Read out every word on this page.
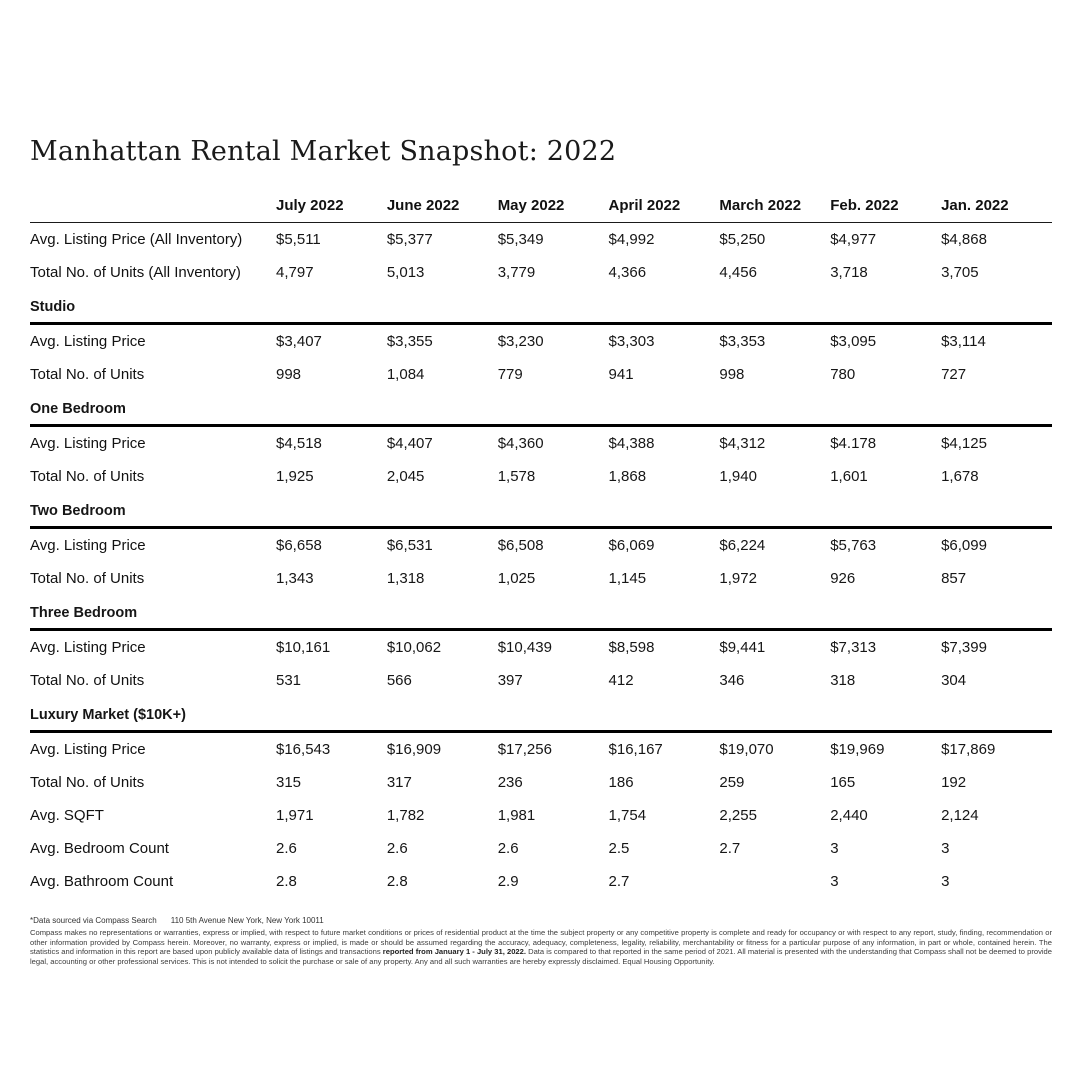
Manhattan Rental Market Snapshot: 2022
	July 2022	June 2022	May 2022	April 2022	March 2022	Feb. 2022	Jan. 2022
Avg. Listing Price (All Inventory)	$5,511	$5,377	$5,349	$4,992	$5,250	$4,977	$4,868
Total No. of Units (All Inventory)	4,797	5,013	3,779	4,366	4,456	3,718	3,705
Studio							
Avg. Listing Price	$3,407	$3,355	$3,230	$3,303	$3,353	$3,095	$3,114
Total No. of Units	998	1,084	779	941	998	780	727
One Bedroom							
Avg. Listing Price	$4,518	$4,407	$4,360	$4,388	$4,312	$4.178	$4,125
Total No. of Units	1,925	2,045	1,578	1,868	1,940	1,601	1,678
Two Bedroom							
Avg. Listing Price	$6,658	$6,531	$6,508	$6,069	$6,224	$5,763	$6,099
Total No. of Units	1,343	1,318	1,025	1,145	1,972	926	857
Three Bedroom							
Avg. Listing Price	$10,161	$10,062	$10,439	$8,598	$9,441	$7,313	$7,399
Total No. of Units	531	566	397	412	346	318	304
Luxury Market ($10K+)							
Avg. Listing Price	$16,543	$16,909	$17,256	$16,167	$19,070	$19,969	$17,869
Total No. of Units	315	317	236	186	259	165	192
Avg. SQFT	1,971	1,782	1,981	1,754	2,255	2,440	2,124
Avg. Bedroom Count	2.6	2.6	2.6	2.5	2.7	3	3
Avg. Bathroom Count	2.8	2.8	2.9	2.7		3	3
*Data sourced via Compass Search 110 5th Avenue New York, New York 10011
Compass makes no representations or warranties, express or implied, with respect to future market conditions or prices of residential product at the time the subject property or any competitive property is complete and ready for occupancy or with respect to any report, study, finding, recommendation or other information provided by Compass herein. Moreover, no warranty, express or implied, is made or should be assumed regarding the accuracy, adequacy, completeness, legality, reliability, merchantability or fitness for a particular purpose of any information, in part or whole, contained herein. The statistics and information in this report are based upon publicly available data of listings and transactions reported from January 1 - July 31, 2022. Data is compared to that reported in the same period of 2021. All material is presented with the understanding that Compass shall not be deemed to provide legal, accounting or other professional services. This is not intended to solicit the purchase or sale of any property. Any and all such warranties are hereby expressly disclaimed. Equal Housing Opportunity.
